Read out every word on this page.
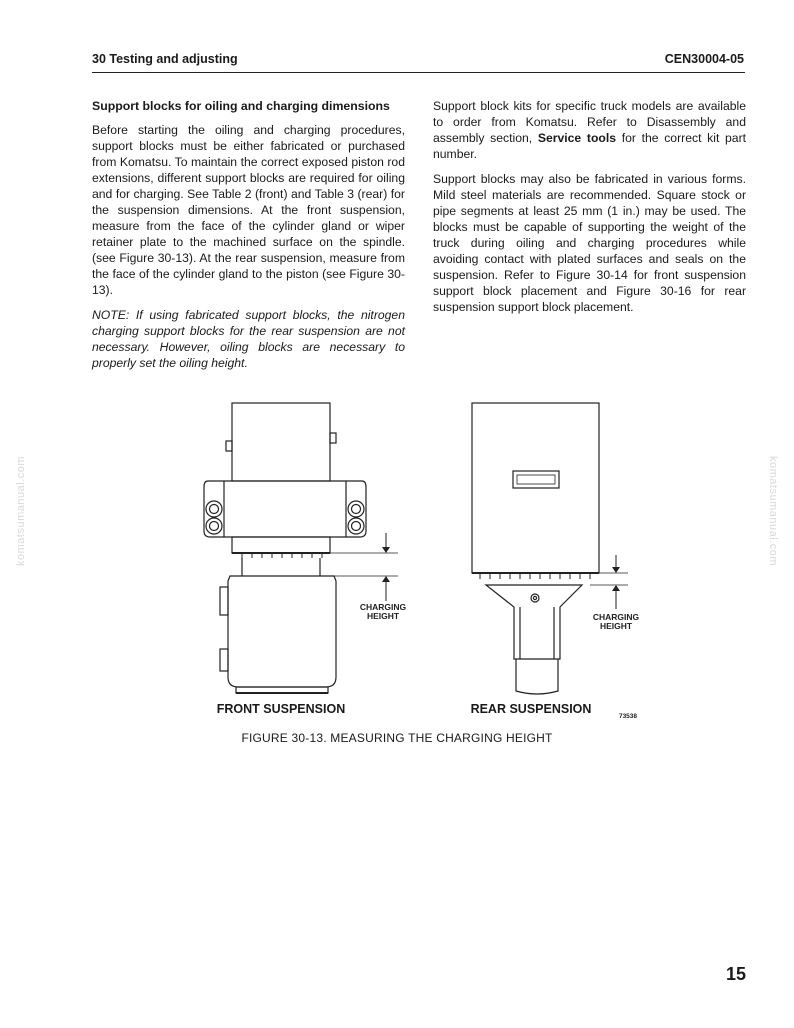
30 Testing and adjusting	CEN30004-05
Support blocks for oiling and charging dimensions

Before starting the oiling and charging procedures, support blocks must be either fabricated or purchased from Komatsu. To maintain the correct exposed piston rod extensions, different support blocks are required for oiling and for charging. See Table 2 (front) and Table 3 (rear) for the suspension dimensions. At the front suspension, measure from the face of the cylinder gland or wiper retainer plate to the machined surface on the spindle. (see Figure 30-13). At the rear suspension, measure from the face of the cylinder gland to the piston (see Figure 30-13).

NOTE: If using fabricated support blocks, the nitrogen charging support blocks for the rear suspension are not necessary. However, oiling blocks are necessary to properly set the oiling height.

Support block kits for specific truck models are available to order from Komatsu. Refer to Disassembly and assembly section, Service tools for the correct kit part number.

Support blocks may also be fabricated in various forms. Mild steel materials are recommended. Square stock or pipe segments at least 25 mm (1 in.) may be used. The blocks must be capable of supporting the weight of the truck during oiling and charging procedures while avoiding contact with plated surfaces and seals on the suspension. Refer to Figure 30-14 for front suspension support block placement and Figure 30-16 for rear suspension support block placement.

komatsumanual.com	komatsumanual.com
CHARGING
HEIGHT	CHARGING
HEIGHT
FRONT SUSPENSION	REAR SUSPENSION
73538
FIGURE 30-13. MEASURING THE CHARGING HEIGHT
15
